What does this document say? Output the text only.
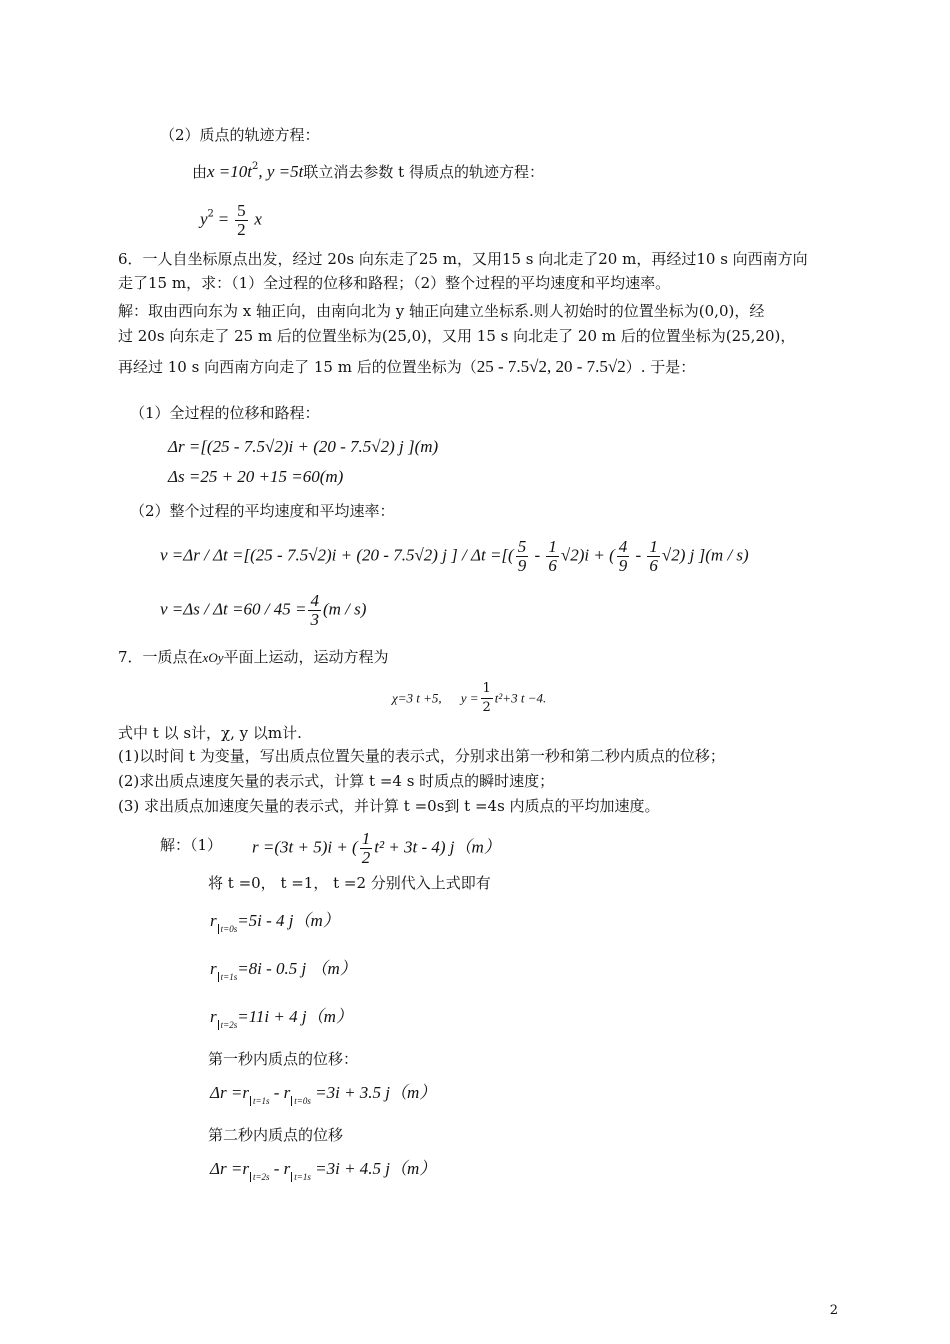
（2）质点的轨迹方程：
由$x =10t^2$, y =5t联立消去参数 t 得质点的轨迹方程：
$y^2 = \frac{5}{2}$ x
6．一人自坐标原点出发，经过 20s 向东走了25 m，又用15 s 向北走了20 m，再经过10 s 向西南方向
走了15 m，求：（1）全过程的位移和路程；（2）整个过程的平均速度和平均速率。
解：取由西向东为 x 轴正向，由南向北为 y 轴正向建立坐标系.则人初始时的位置坐标为(0,0)，经
过 20s 向东走了 25 m 后的位置坐标为(25,0)，又用 15 s 向北走了 20 m 后的位置坐标为(25,20)，
再经过 10 s 向西南方向走了 15 m 后的位置坐标为（25 - 7.5√2, 20 - 7.5√2）. 于是：
（1）全过程的位移和路程：
Δr =[(25 - 7.5√2)i + (20 - 7.5√2) j ](m)
Δs =25 + 20 +15 =60(m)
（2）整个过程的平均速度和平均速率：
v =Δr / Δt =[(25 - 7.5√2)i + (20 - 7.5√2) j ] / Δt =[( $\frac{5}{9} - \frac{1}{6} √2)i$ + ( $\frac{4}{9} - \frac{1}{6} √2$) j ](m / s)
$v =\Delta s / \Delta t =60 / 45 = \frac{4}{3} (m / s)$
7．一质点在xOy平面上运动，运动方程为
χ=3 t +5, $y = \frac{1}{2} t^2+3$ t −4.
式中 t 以 s计，χ, y 以m计.
(1)以时间 t 为变量，写出质点位置矢量的表示式，分别求出第一秒和第二秒内质点的位移；
(2)求出质点速度矢量的表示式，计算 t =4 s 时质点的瞬时速度；
(3) 求出质点加速度矢量的表示式，并计算 t =0s到 t =4s 内质点的平均加速度。
解：（1） r =(3t + 5)i + ( $\frac{1}{2} t^2 + 3t - 4$) j（m）
将 t =0， t =1， t =2 分别代入上式即有
r $_{t=0s}$=5i - 4 j（m）
r $_{t=1s}$=8i - 0.5 j （m）
r $_{t=2s}$=11i + 4 j（m）
第一秒内质点的位移：
Δr =r $_{t=1s}$ - r $_{t=0s}$ =3i + 3.5 j（m）
第二秒内质点的位移
Δr =r $_{t=2s}$ - r $_{t=1s}$ =3i + 4.5 j（m）
2
